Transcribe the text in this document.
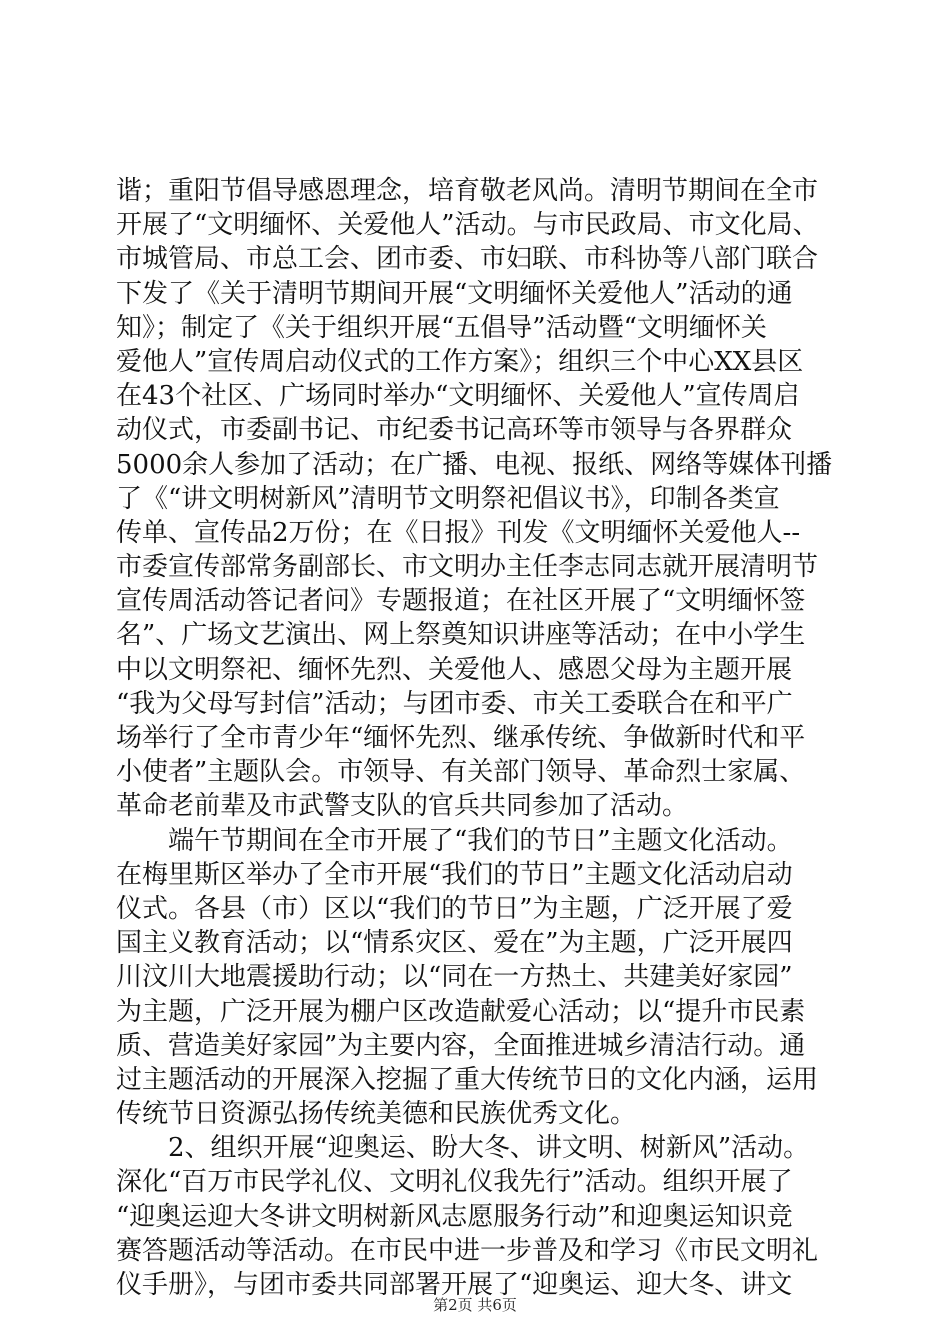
谐；重阳节倡导感恩理念，培育敬老风尚。清明节期间在全市
开展了“文明缅怀、关爱他人”活动。与市民政局、市文化局、
市城管局、市总工会、团市委、市妇联、市科协等八部门联合
下发了《关于清明节期间开展“文明缅怀关爱他人”活动的通
知》；制定了《关于组织开展“五倡导”活动暨“文明缅怀关
爱他人”宣传周启动仪式的工作方案》；组织三个中心XX县区
在43个社区、广场同时举办“文明缅怀、关爱他人”宣传周启
动仪式，市委副书记、市纪委书记高环等市领导与各界群众
5000余人参加了活动；在广播、电视、报纸、网络等媒体刊播
了《“讲文明树新风”清明节文明祭祀倡议书》，印制各类宣
传单、宣传品2万份；在《日报》刊发《文明缅怀关爱他人--
市委宣传部常务副部长、市文明办主任李志同志就开展清明节
宣传周活动答记者问》专题报道；在社区开展了“文明缅怀签
名”、广场文艺演出、网上祭奠知识讲座等活动；在中小学生
中以文明祭祀、缅怀先烈、关爱他人、感恩父母为主题开展
“我为父母写封信”活动；与团市委、市关工委联合在和平广
场举行了全市青少年“缅怀先烈、继承传统、争做新时代和平
小使者”主题队会。市领导、有关部门领导、革命烈士家属、
革命老前辈及市武警支队的官兵共同参加了活动。
　　端午节期间在全市开展了“我们的节日”主题文化活动。
在梅里斯区举办了全市开展“我们的节日”主题文化活动启动
仪式。各县（市）区以“我们的节日”为主题，广泛开展了爱
国主义教育活动；以“情系灾区、爱在”为主题，广泛开展四
川汶川大地震援助行动；以“同在一方热土、共建美好家园”
为主题，广泛开展为棚户区改造献爱心活动；以“提升市民素
质、营造美好家园”为主要内容，全面推进城乡清洁行动。通
过主题活动的开展深入挖掘了重大传统节日的文化内涵，运用
传统节日资源弘扬传统美德和民族优秀文化。
　　2、组织开展“迎奥运、盼大冬、讲文明、树新风”活动。
深化“百万市民学礼仪、文明礼仪我先行”活动。组织开展了
“迎奥运迎大冬讲文明树新风志愿服务行动”和迎奥运知识竞
赛答题活动等活动。在市民中进一步普及和学习《市民文明礼
仪手册》，与团市委共同部署开展了“迎奥运、迎大冬、讲文
第2页 共6页
